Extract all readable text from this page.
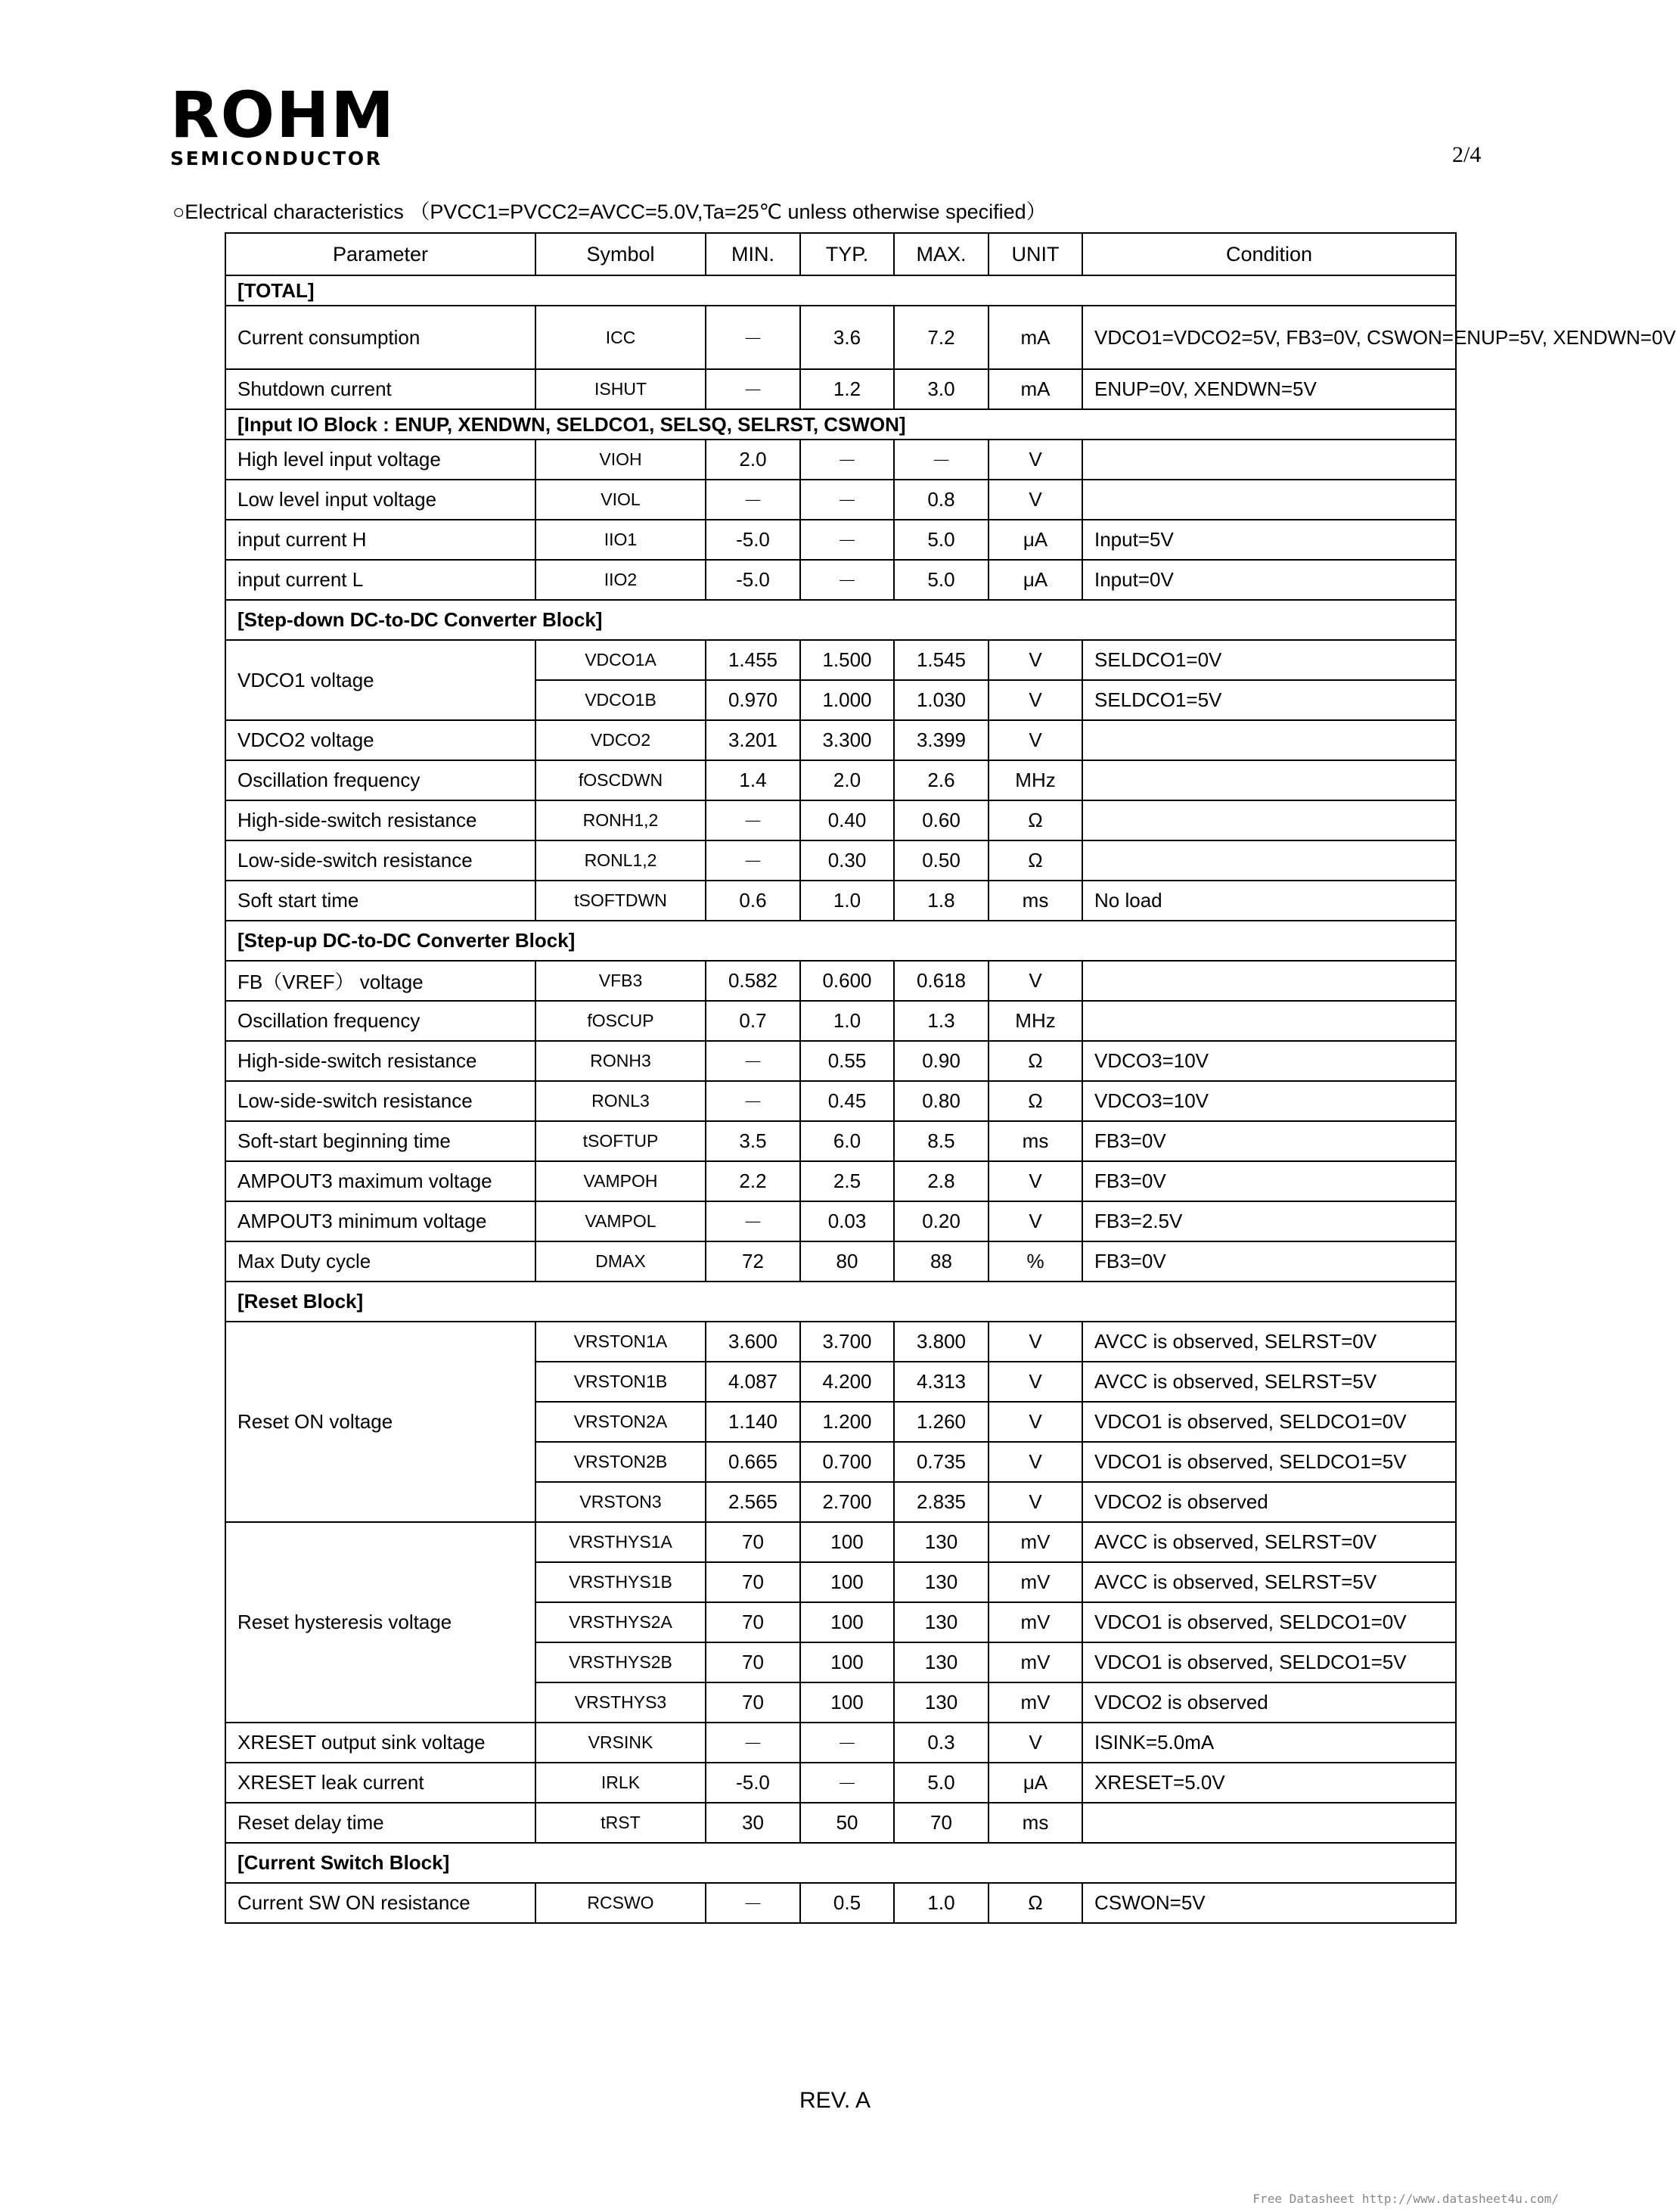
ROHM
SEMICONDUCTOR	2/4
○Electrical characteristics （PVCC1=PVCC2=AVCC=5.0V,Ta=25℃ unless otherwise specified）
Parameter	Symbol	MIN.	TYP.	MAX.	UNIT	Condition
[TOTAL]						
Current consumption	ICC	－	3.6	7.2	mA	VDCO1=VDCO2=5V, FB3=0V, CSWON=ENUP=5V, XENDWN=0V
Shutdown current	ISHUT	－	1.2	3.0	mA	ENUP=0V, XENDWN=5V
[Input IO Block : ENUP, XENDWN, SELDCO1, SELSQ, SELRST, CSWON]						
High level input voltage	VIOH	2.0	－	－	V	
Low level input voltage	VIOL	－	－	0.8	V	
input current H	IIO1	-5.0	－	5.0	μA	Input=5V
input current L	IIO2	-5.0	－	5.0	μA	Input=0V
[Step-down DC-to-DC Converter Block]						
VDCO1 voltage	VDCO1A	1.455	1.500	1.545	V	SELDCO1=0V
	VDCO1B	0.970	1.000	1.030	V	SELDCO1=5V
VDCO2 voltage	VDCO2	3.201	3.300	3.399	V	
Oscillation frequency	fOSCDWN	1.4	2.0	2.6	MHz	
High-side-switch resistance	RONH1,2	－	0.40	0.60	Ω	
Low-side-switch resistance	RONL1,2	－	0.30	0.50	Ω	
Soft start time	tSOFTDWN	0.6	1.0	1.8	ms	No load
[Step-up DC-to-DC Converter Block]						
FB（VREF） voltage	VFB3	0.582	0.600	0.618	V	
Oscillation frequency	fOSCUP	0.7	1.0	1.3	MHz	
High-side-switch resistance	RONH3	－	0.55	0.90	Ω	VDCO3=10V
Low-side-switch resistance	RONL3	－	0.45	0.80	Ω	VDCO3=10V
Soft-start beginning time	tSOFTUP	3.5	6.0	8.5	ms	FB3=0V
AMPOUT3 maximum voltage	VAMPOH	2.2	2.5	2.8	V	FB3=0V
AMPOUT3 minimum voltage	VAMPOL	－	0.03	0.20	V	FB3=2.5V
Max Duty cycle	DMAX	72	80	88	%	FB3=0V
[Reset Block]						
Reset ON voltage	VRSTON1A	3.600	3.700	3.800	V	AVCC is observed, SELRST=0V
	VRSTON1B	4.087	4.200	4.313	V	AVCC is observed, SELRST=5V
	VRSTON2A	1.140	1.200	1.260	V	VDCO1 is observed, SELDCO1=0V
	VRSTON2B	0.665	0.700	0.735	V	VDCO1 is observed, SELDCO1=5V
	VRSTON3	2.565	2.700	2.835	V	VDCO2 is observed
Reset hysteresis voltage	VRSTHYS1A	70	100	130	mV	AVCC is observed, SELRST=0V
	VRSTHYS1B	70	100	130	mV	AVCC is observed, SELRST=5V
	VRSTHYS2A	70	100	130	mV	VDCO1 is observed, SELDCO1=0V
	VRSTHYS2B	70	100	130	mV	VDCO1 is observed, SELDCO1=5V
	VRSTHYS3	70	100	130	mV	VDCO2 is observed
XRESET output sink voltage	VRSINK	－	－	0.3	V	ISINK=5.0mA
XRESET leak current	IRLK	-5.0	－	5.0	μA	XRESET=5.0V
Reset delay time	tRST	30	50	70	ms	
[Current Switch Block]						
Current SW ON resistance	RCSWO	－	0.5	1.0	Ω	CSWON=5V
REV. A
Free Datasheet http://www.datasheet4u.com/
